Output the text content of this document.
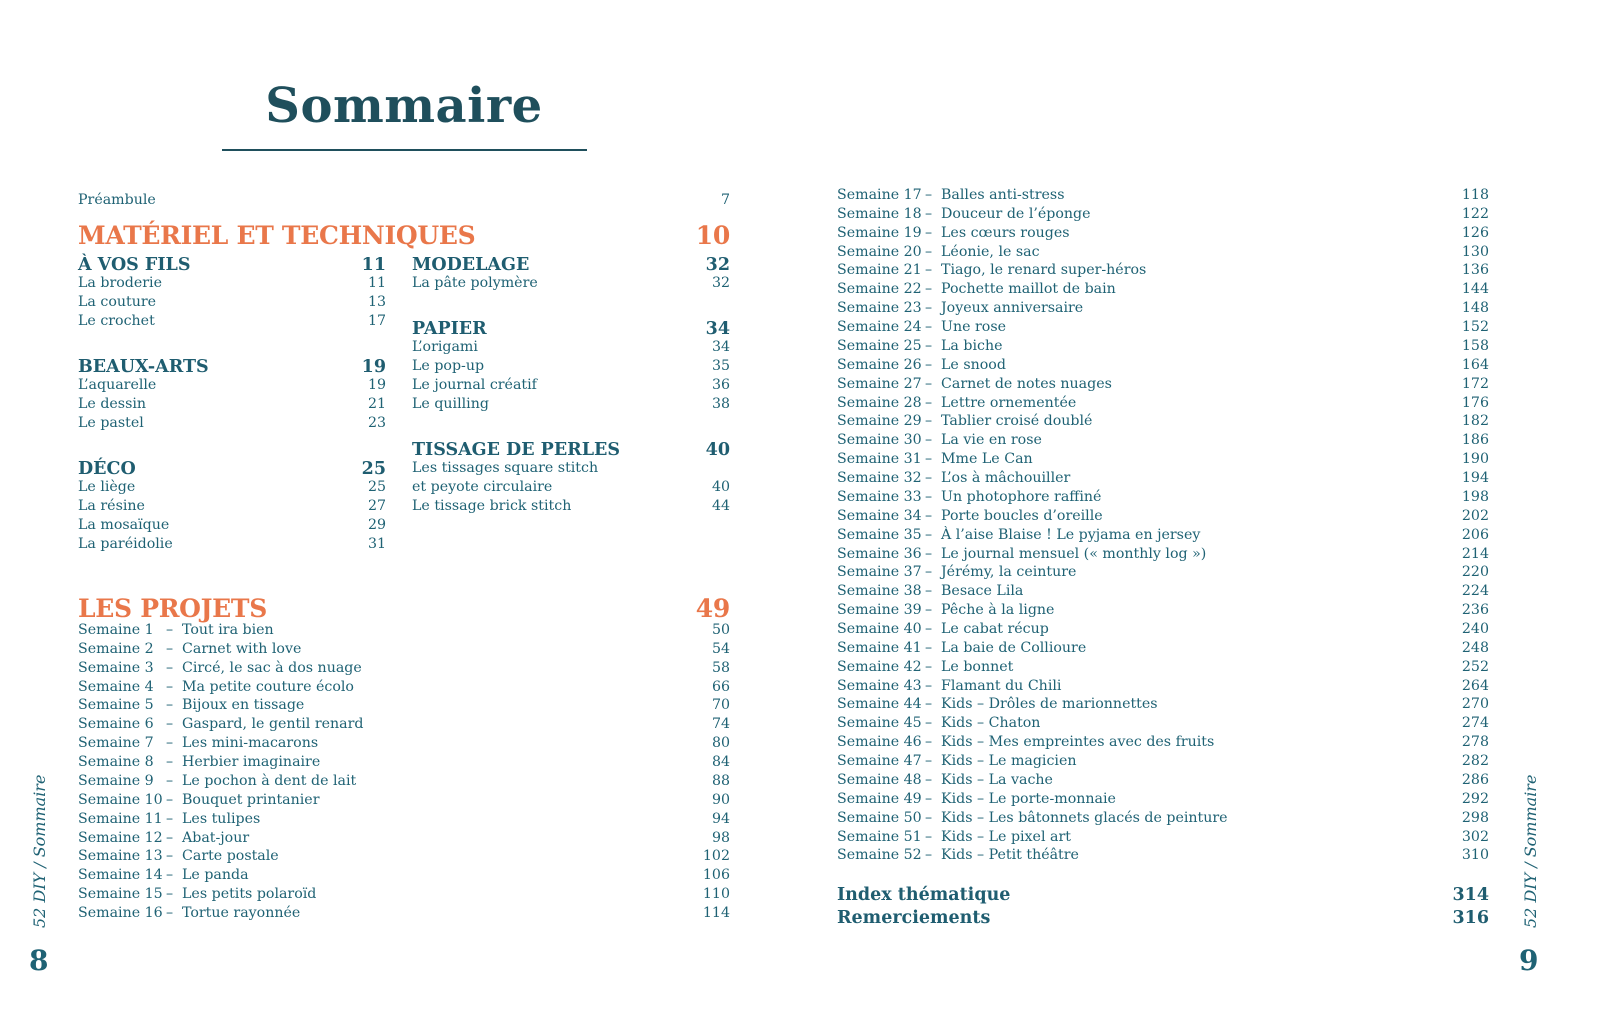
Sommaire
Préambule	7
MATÉRIEL ET TECHNIQUES	10
À VOS FILS	11
La broderie	11
La couture	13
Le crochet	17
BEAUX-ARTS	19
L’aquarelle	19
Le dessin	21
Le pastel	23
DÉCO	25
Le liège	25
La résine	27
La mosaïque	29
La paréidolie	31
MODELAGE	32
La pâte polymère	32
PAPIER	34
L’origami	34
Le pop-up	35
Le journal créatif	36
Le quilling	38
TISSAGE DE PERLES	40
Les tissages square stitch
et peyote circulaire	40
Le tissage brick stitch	44
LES PROJETS	49
Semaine 1 – Tout ira bien	50
Semaine 2 – Carnet with love	54
Semaine 3 – Circé, le sac à dos nuage	58
Semaine 4 – Ma petite couture écolo	66
Semaine 5 – Bijoux en tissage	70
Semaine 6 – Gaspard, le gentil renard	74
Semaine 7 – Les mini-macarons	80
Semaine 8 – Herbier imaginaire	84
Semaine 9 – Le pochon à dent de lait	88
Semaine 10 – Bouquet printanier	90
Semaine 11 – Les tulipes	94
Semaine 12 – Abat-jour	98
Semaine 13 – Carte postale	102
Semaine 14 – Le panda	106
Semaine 15 – Les petits polaroïd	110
Semaine 16 – Tortue rayonnée	114
Semaine 17 – Balles anti-stress	118
Semaine 18 – Douceur de l’éponge	122
Semaine 19 – Les cœurs rouges	126
Semaine 20 – Léonie, le sac	130
Semaine 21 – Tiago, le renard super-héros	136
Semaine 22 – Pochette maillot de bain	144
Semaine 23 – Joyeux anniversaire	148
Semaine 24 – Une rose	152
Semaine 25 – La biche	158
Semaine 26 – Le snood	164
Semaine 27 – Carnet de notes nuages	172
Semaine 28 – Lettre ornementée	176
Semaine 29 – Tablier croisé doublé	182
Semaine 30 – La vie en rose	186
Semaine 31 – Mme Le Can	190
Semaine 32 – L’os à mâchouiller	194
Semaine 33 – Un photophore raffiné	198
Semaine 34 – Porte boucles d’oreille	202
Semaine 35 – À l’aise Blaise ! Le pyjama en jersey	206
Semaine 36 – Le journal mensuel (« monthly log »)	214
Semaine 37 – Jérémy, la ceinture	220
Semaine 38 – Besace Lila	224
Semaine 39 – Pêche à la ligne	236
Semaine 40 – Le cabat récup	240
Semaine 41 – La baie de Collioure	248
Semaine 42 – Le bonnet	252
Semaine 43 – Flamant du Chili	264
Semaine 44 – Kids – Drôles de marionnettes	270
Semaine 45 – Kids – Chaton	274
Semaine 46 – Kids – Mes empreintes avec des fruits	278
Semaine 47 – Kids – Le magicien	282
Semaine 48 – Kids – La vache	286
Semaine 49 – Kids – Le porte-monnaie	292
Semaine 50 – Kids – Les bâtonnets glacés de peinture	298
Semaine 51 – Kids – Le pixel art	302
Semaine 52 – Kids – Petit théâtre	310
Index thématique	314
Remerciements	316
52 DIY / Sommaire	52 DIY / Sommaire
8	9
